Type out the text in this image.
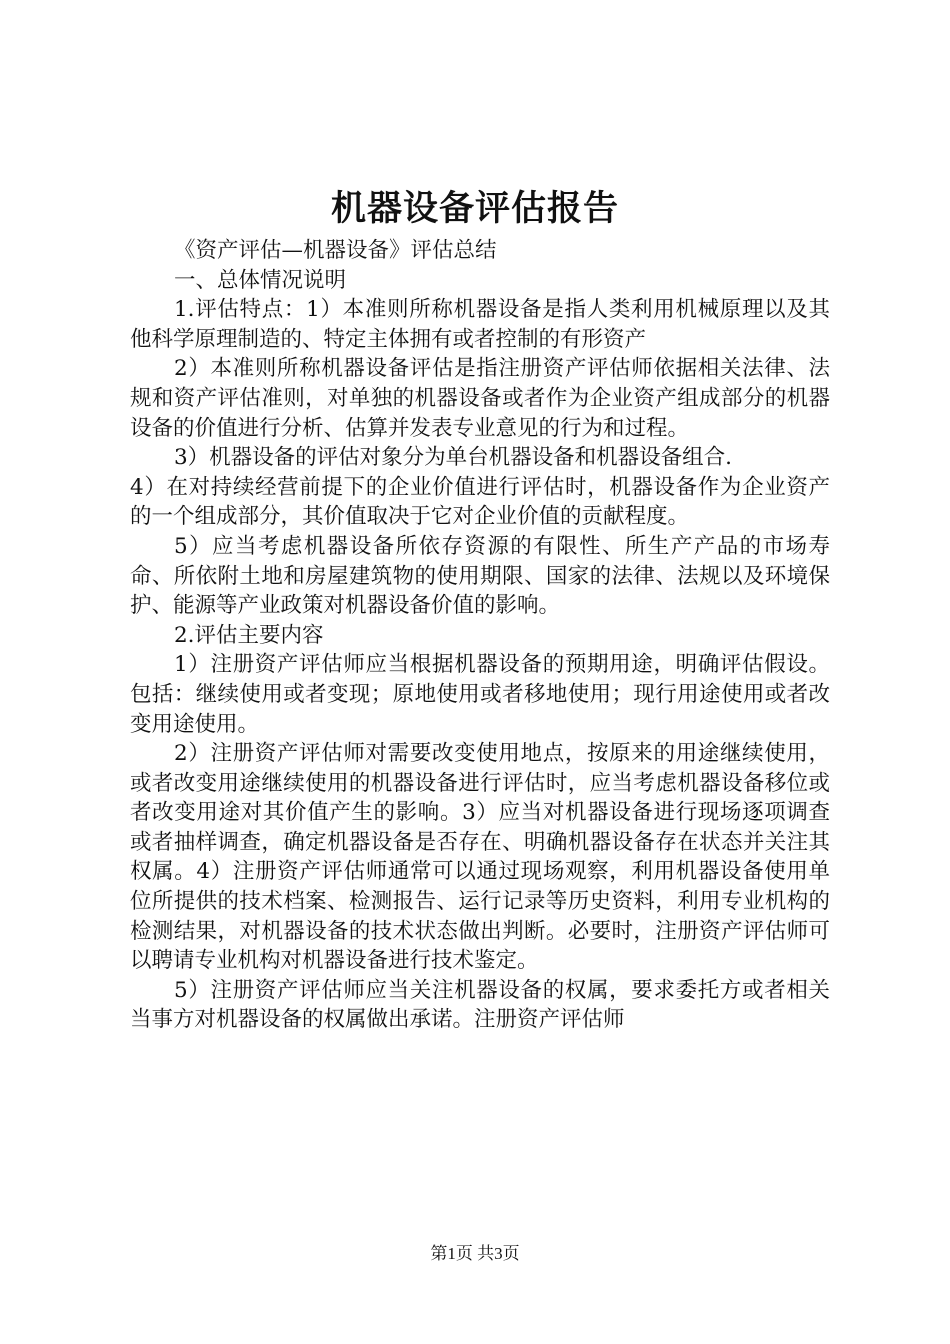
机器设备评估报告

《资产评估—机器设备》评估总结

一、总体情况说明

1.评估特点：1）本准则所称机器设备是指人类利用机械原理以及其他科学原理制造的、特定主体拥有或者控制的有形资产

2）本准则所称机器设备评估是指注册资产评估师依据相关法律、法规和资产评估准则，对单独的机器设备或者作为企业资产组成部分的机器设备的价值进行分析、估算并发表专业意见的行为和过程。

3）机器设备的评估对象分为单台机器设备和机器设备组合.

4）在对持续经营前提下的企业价值进行评估时，机器设备作为企业资产的一个组成部分，其价值取决于它对企业价值的贡献程度。

5）应当考虑机器设备所依存资源的有限性、所生产产品的市场寿命、所依附土地和房屋建筑物的使用期限、国家的法律、法规以及环境保护、能源等产业政策对机器设备价值的影响。

2.评估主要内容

1）注册资产评估师应当根据机器设备的预期用途，明确评估假设。包括：继续使用或者变现；原地使用或者移地使用；现行用途使用或者改变用途使用。

2）注册资产评估师对需要改变使用地点，按原来的用途继续使用，或者改变用途继续使用的机器设备进行评估时，应当考虑机器设备移位或者改变用途对其价值产生的影响。3）应当对机器设备进行现场逐项调查或者抽样调查，确定机器设备是否存在、明确机器设备存在状态并关注其权属。4）注册资产评估师通常可以通过现场观察，利用机器设备使用单位所提供的技术档案、检测报告、运行记录等历史资料，利用专业机构的检测结果，对机器设备的技术状态做出判断。必要时，注册资产评估师可以聘请专业机构对机器设备进行技术鉴定。

5）注册资产评估师应当关注机器设备的权属，要求委托方或者相关当事方对机器设备的权属做出承诺。注册资产评估师

第1页 共3页
